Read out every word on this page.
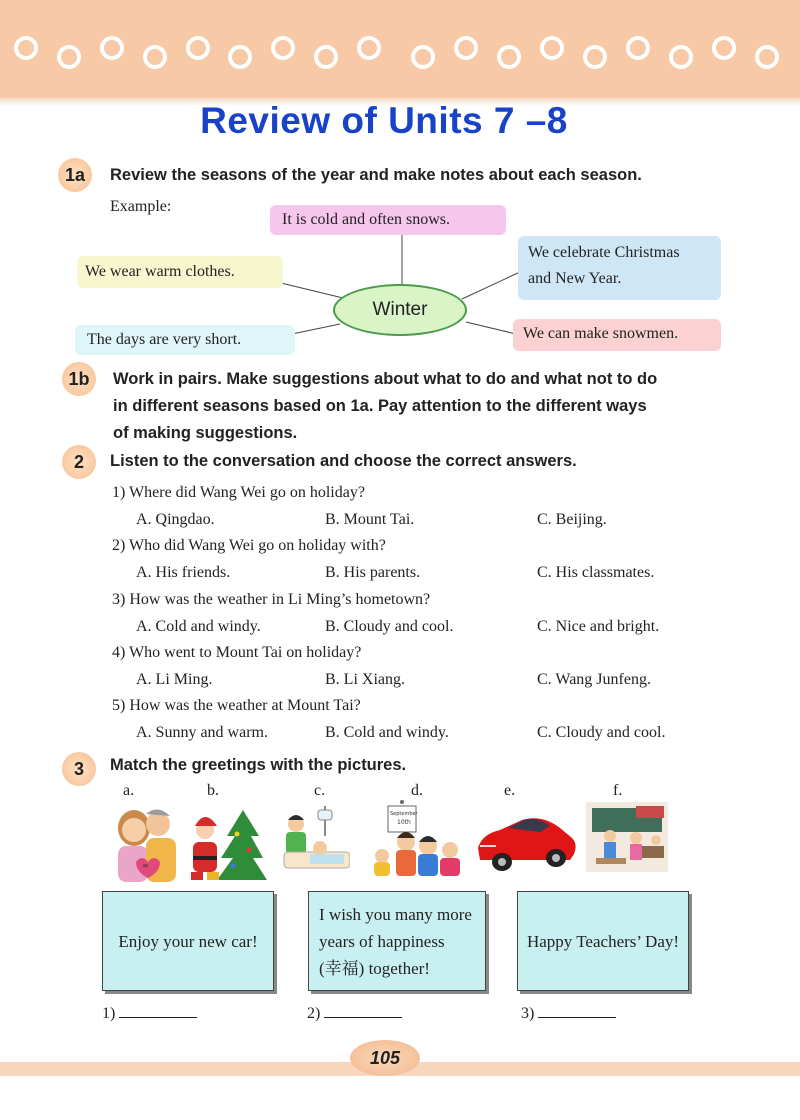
Review of Units 7 –8
1a	Review the seasons of the year and make notes about each season.
Example:
It is cold and often snows.
We celebrate Christmas
and New Year.
We wear warm clothes.
The days are very short.	We can make snowmen.
Winter
1b	Work in pairs. Make suggestions about what to do and what not to do
in different seasons based on 1a. Pay attention to the different ways
of making suggestions.
2	Listen to the conversation and choose the correct answers.
1) Where did Wang Wei go on holiday?
A. Qingdao.	B. Mount Tai.	C. Beijing.
2) Who did Wang Wei go on holiday with?
A. His friends.	B. His parents.	C. His classmates.
3) How was the weather in Li Ming’s hometown?
A. Cold and windy.	B. Cloudy and cool.	C. Nice and bright.
4) Who went to Mount Tai on holiday?
A. Li Ming.	B. Li Xiang.	C. Wang Junfeng.
5) How was the weather at Mount Tai?
A. Sunny and warm.	B. Cold and windy.	C. Cloudy and cool.
3	Match the greetings with the pictures.
a.	b.	c.	d.	e.	f.
∞
September
10th
Enjoy your new car!
I wish you many more
years of happiness
(幸福) together!
Happy Teachers’ Day!
1)	2)	3)
105
